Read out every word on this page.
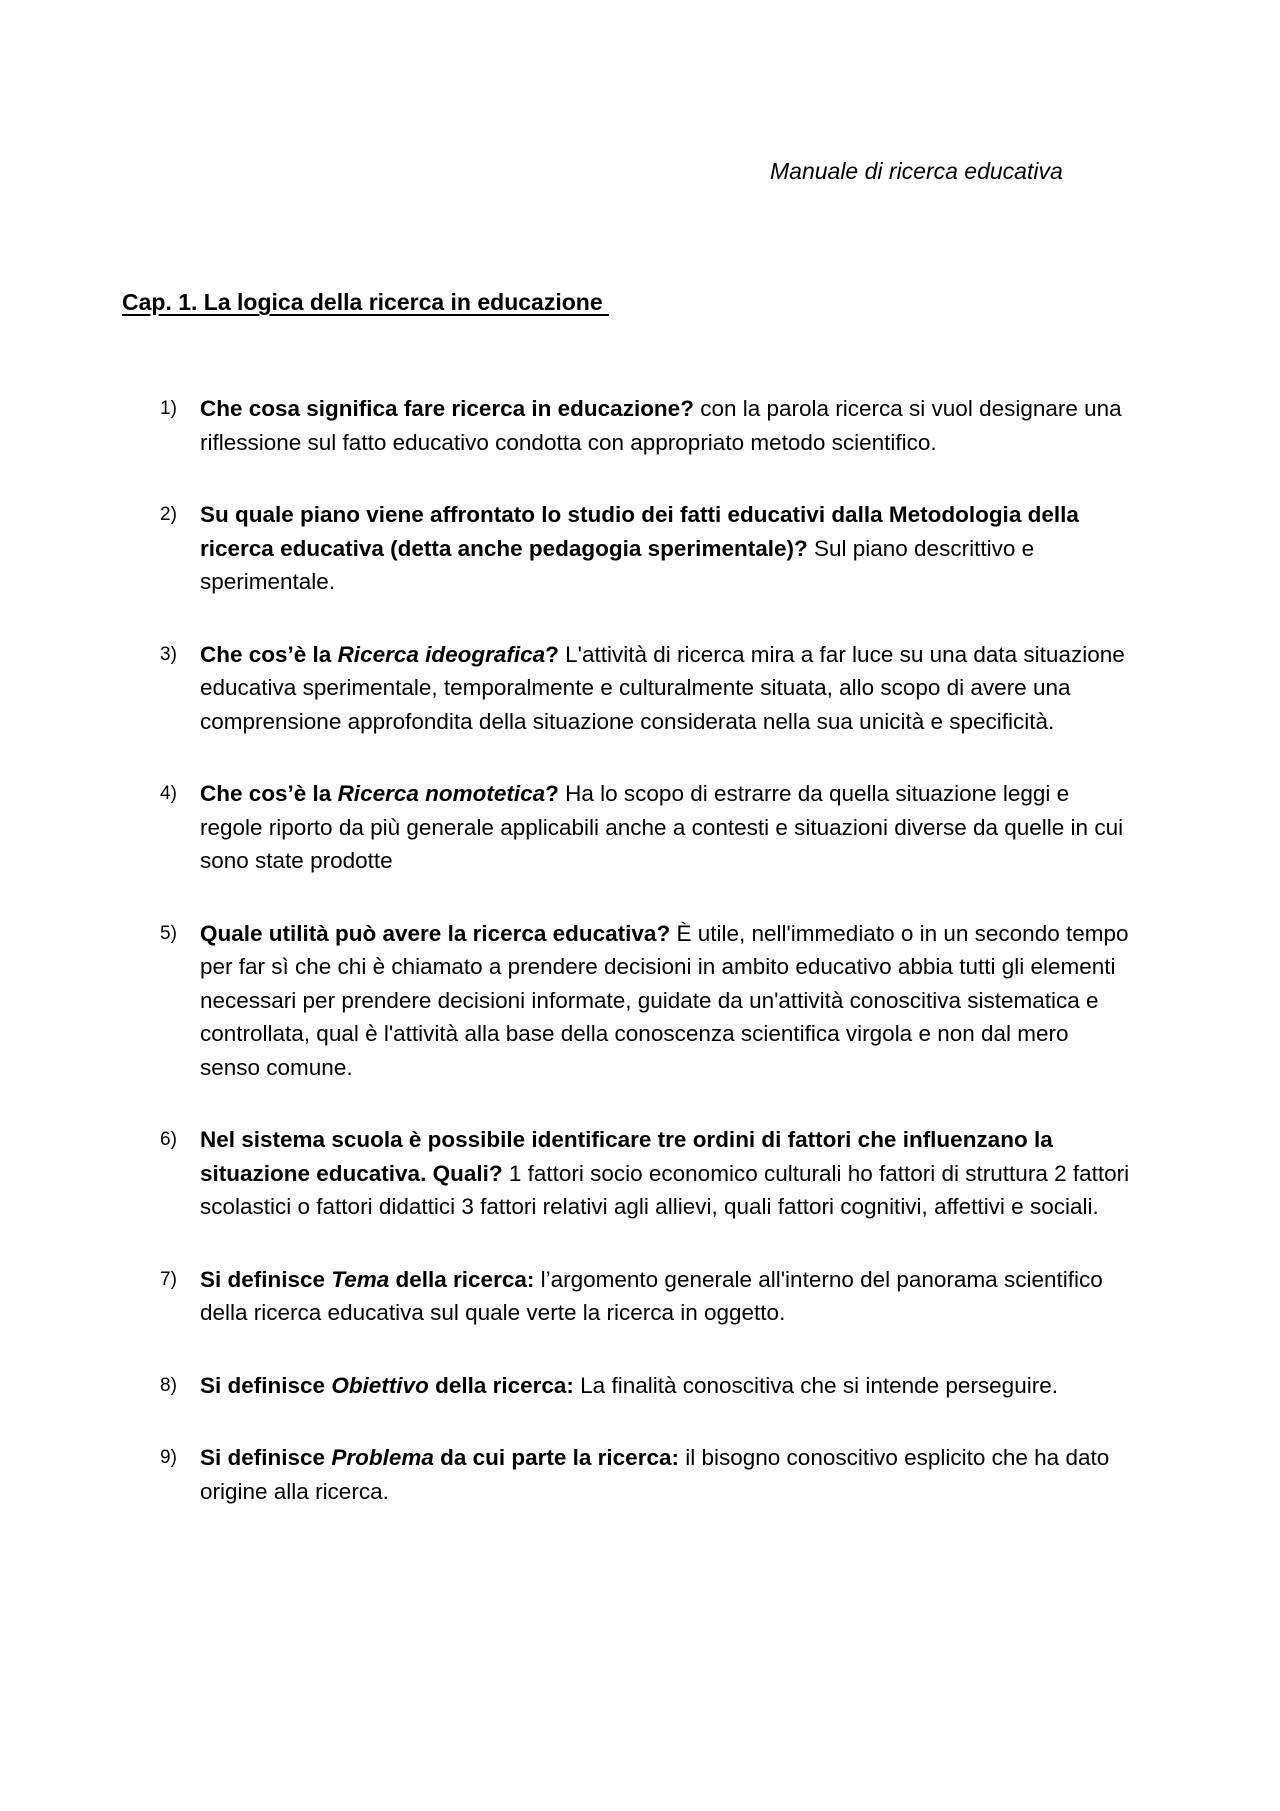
Manuale di ricerca educativa
Cap. 1. La logica della ricerca in educazione
1) Che cosa significa fare ricerca in educazione? con la parola ricerca si vuol designare una riflessione sul fatto educativo condotta con appropriato metodo scientifico.
2) Su quale piano viene affrontato lo studio dei fatti educativi dalla Metodologia della ricerca educativa (detta anche pedagogia sperimentale)? Sul piano descrittivo e sperimentale.
3) Che cos’è la Ricerca ideografica? L'attività di ricerca mira a far luce su una data situazione educativa sperimentale, temporalmente e culturalmente situata, allo scopo di avere una comprensione approfondita della situazione considerata nella sua unicità e specificità.
4) Che cos’è la Ricerca nomotetica? Ha lo scopo di estrarre da quella situazione leggi e regole riporto da più generale applicabili anche a contesti e situazioni diverse da quelle in cui sono state prodotte
5) Quale utilità può avere la ricerca educativa? È utile, nell'immediato o in un secondo tempo per far sì che chi è chiamato a prendere decisioni in ambito educativo abbia tutti gli elementi necessari per prendere decisioni informate, guidate da un'attività conoscitiva sistematica e controllata, qual è l'attività alla base della conoscenza scientifica virgola e non dal mero senso comune.
6) Nel sistema scuola è possibile identificare tre ordini di fattori che influenzano la situazione educativa. Quali? 1 fattori socio economico culturali ho fattori di struttura 2 fattori scolastici o fattori didattici 3 fattori relativi agli allievi, quali fattori cognitivi, affettivi e sociali.
7) Si definisce Tema della ricerca: l’argomento generale all'interno del panorama scientifico della ricerca educativa sul quale verte la ricerca in oggetto.
8) Si definisce Obiettivo della ricerca: La finalità conoscitiva che si intende perseguire.
9) Si definisce Problema da cui parte la ricerca: il bisogno conoscitivo esplicito che ha dato origine alla ricerca.
